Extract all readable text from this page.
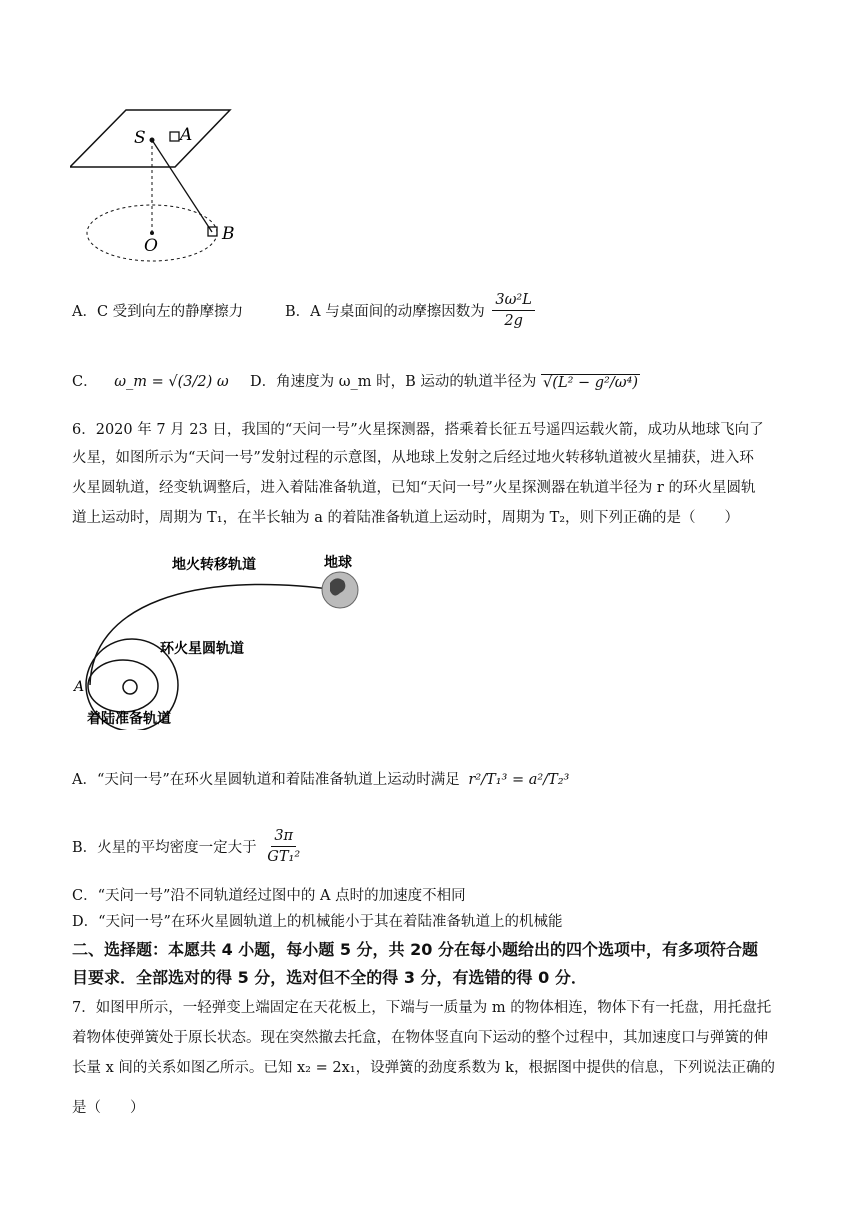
S A
O
B
A．C 受到向左的静摩擦力	B．A 与桌面间的动摩擦因数为 $\frac{\text{3ω²L}}{2g}$
C． ω_m = √(3/2) ω D．角速度为 ω_m 时，B 运动的轨道半径为 √(L² − g²/ω⁴)
6．2020 年 7 月 23 日，我国的“天问一号”火星探测器，搭乘着长征五号遥四运载火箭，成功从地球飞向了
火星，如图所示为“天问一号”发射过程的示意图，从地球上发射之后经过地火转移轨道被火星捕获，进入环
火星圆轨道，经变轨调整后，进入着陆准备轨道，已知“天问一号”火星探测器在轨道半径为 r 的环火星圆轨
道上运动时，周期为 T₁，在半长轴为 a 的着陆准备轨道上运动时，周期为 T₂，则下列正确的是（　　）
地火转移轨道	地球
环火星圆轨道
着陆准备轨道
A
A．“天问一号”在环火星圆轨道和着陆准备轨道上运动时满足 r²/T₁³ = a²/T₂³
B．火星的平均密度一定大于 $\frac{3\pi}{\text{GT₁²}}$
C．“天问一号”沿不同轨道经过图中的 A 点时的加速度不相同
D．“天问一号”在环火星圆轨道上的机械能小于其在着陆准备轨道上的机械能
二、选择题：本愿共 4 小题，每小题 5 分，共 20 分在每小题给出的四个选项中，有多项符合题
目要求．全部选对的得 5 分，选对但不全的得 3 分，有选错的得 0 分．
7．如图甲所示，一轻弹变上端固定在天花板上，下端与一质量为 m 的物体相连，物体下有一托盘，用托盘托
着物体使弹簧处于原长状态。现在突然撤去托盒，在物体竖直向下运动的整个过程中，其加速度口与弹簧的伸
长量 x 间的关系如图乙所示。已知 x₂ = 2x₁，设弹簧的劲度系数为 k，根据图中提供的信息，下列说法正确的
是（　　）
